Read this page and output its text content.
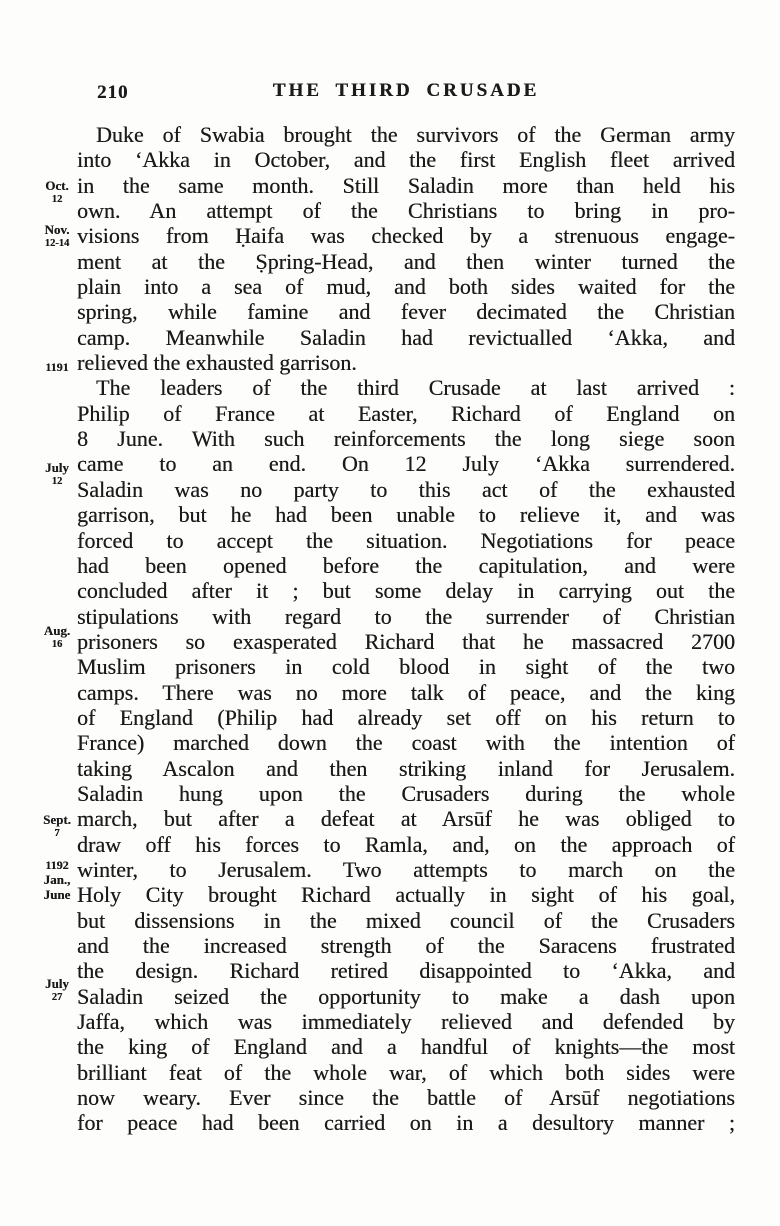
210	THE THIRD CRUSADE
Oct.
12
Nov.
12-14
1191
July
12
Aug.
16
Sept.
7
1192
Jan.,
June
July
27
Duke of Swabia brought the survivors of the German army
into ‘Akka in October, and the first English fleet arrived
in the same month. Still Saladin more than held his
own. An attempt of the Christians to bring in pro-
visions from Ḥaifa was checked by a strenuous engage-
ment at the Ṣpring-Head, and then winter turned the
plain into a sea of mud, and both sides waited for the
spring, while famine and fever decimated the Christian
camp. Meanwhile Saladin had revictualled ‘Akka, and
relieved the exhausted garrison.
The leaders of the third Crusade at last arrived :
Philip of France at Easter, Richard of England on
8 June. With such reinforcements the long siege soon
came to an end. On 12 July ‘Akka surrendered.
Saladin was no party to this act of the exhausted
garrison, but he had been unable to relieve it, and was
forced to accept the situation. Negotiations for peace
had been opened before the capitulation, and were
concluded after it ; but some delay in carrying out the
stipulations with regard to the surrender of Christian
prisoners so exasperated Richard that he massacred 2700
Muslim prisoners in cold blood in sight of the two
camps. There was no more talk of peace, and the king
of England (Philip had already set off on his return to
France) marched down the coast with the intention of
taking Ascalon and then striking inland for Jerusalem.
Saladin hung upon the Crusaders during the whole
march, but after a defeat at Arsūf he was obliged to
draw off his forces to Ramla, and, on the approach of
winter, to Jerusalem. Two attempts to march on the
Holy City brought Richard actually in sight of his goal,
but dissensions in the mixed council of the Crusaders
and the increased strength of the Saracens frustrated
the design. Richard retired disappointed to ‘Akka, and
Saladin seized the opportunity to make a dash upon
Jaffa, which was immediately relieved and defended by
the king of England and a handful of knights—the most
brilliant feat of the whole war, of which both sides were
now weary. Ever since the battle of Arsūf negotiations
for peace had been carried on in a desultory manner ;
